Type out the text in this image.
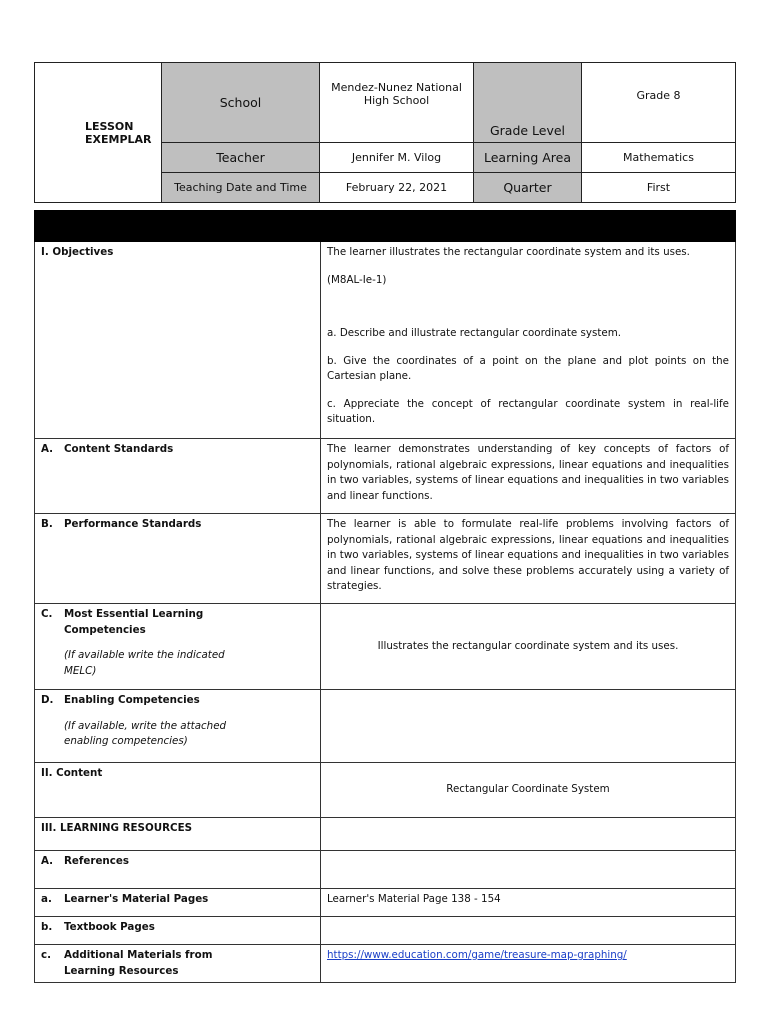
LESSON EXEMPLAR	School	Mendez-Nunez National High School	Grade Level	Grade 8
	Teacher	Jennifer M. Vilog	Learning Area	Mathematics
	Teaching Date and Time	February 22, 2021	Quarter	First

I. Objectives	The learner illustrates the rectangular coordinate system and its uses.

(M8AL-Ie-1)

a. Describe and illustrate rectangular coordinate system.

b. Give the coordinates of a point on the plane and plot points on the Cartesian plane.

c. Appreciate the concept of rectangular coordinate system in real-life situation.

A. Content Standards	The learner demonstrates understanding of key concepts of factors of polynomials, rational algebraic expressions, linear equations and inequalities in two variables, systems of linear equations and inequalities in two variables and linear functions.

B. Performance Standards	The learner is able to formulate real-life problems involving factors of polynomials, rational algebraic expressions, linear equations and inequalities in two variables, systems of linear equations and inequalities in two variables and linear functions, and solve these problems accurately using a variety of strategies.

C. Most Essential Learning Competencies
(If available write the indicated MELC)	Illustrates the rectangular coordinate system and its uses.

D. Enabling Competencies
(If available, write the attached enabling competencies)	

II. Content	Rectangular Coordinate System
III. LEARNING RESOURCES	
A. References	
a. Learner's Material Pages	Learner's Material Page 138 - 154
b. Textbook Pages	

c. Additional Materials from Learning Resources	https://www.education.com/game/treasure-map-graphing/
